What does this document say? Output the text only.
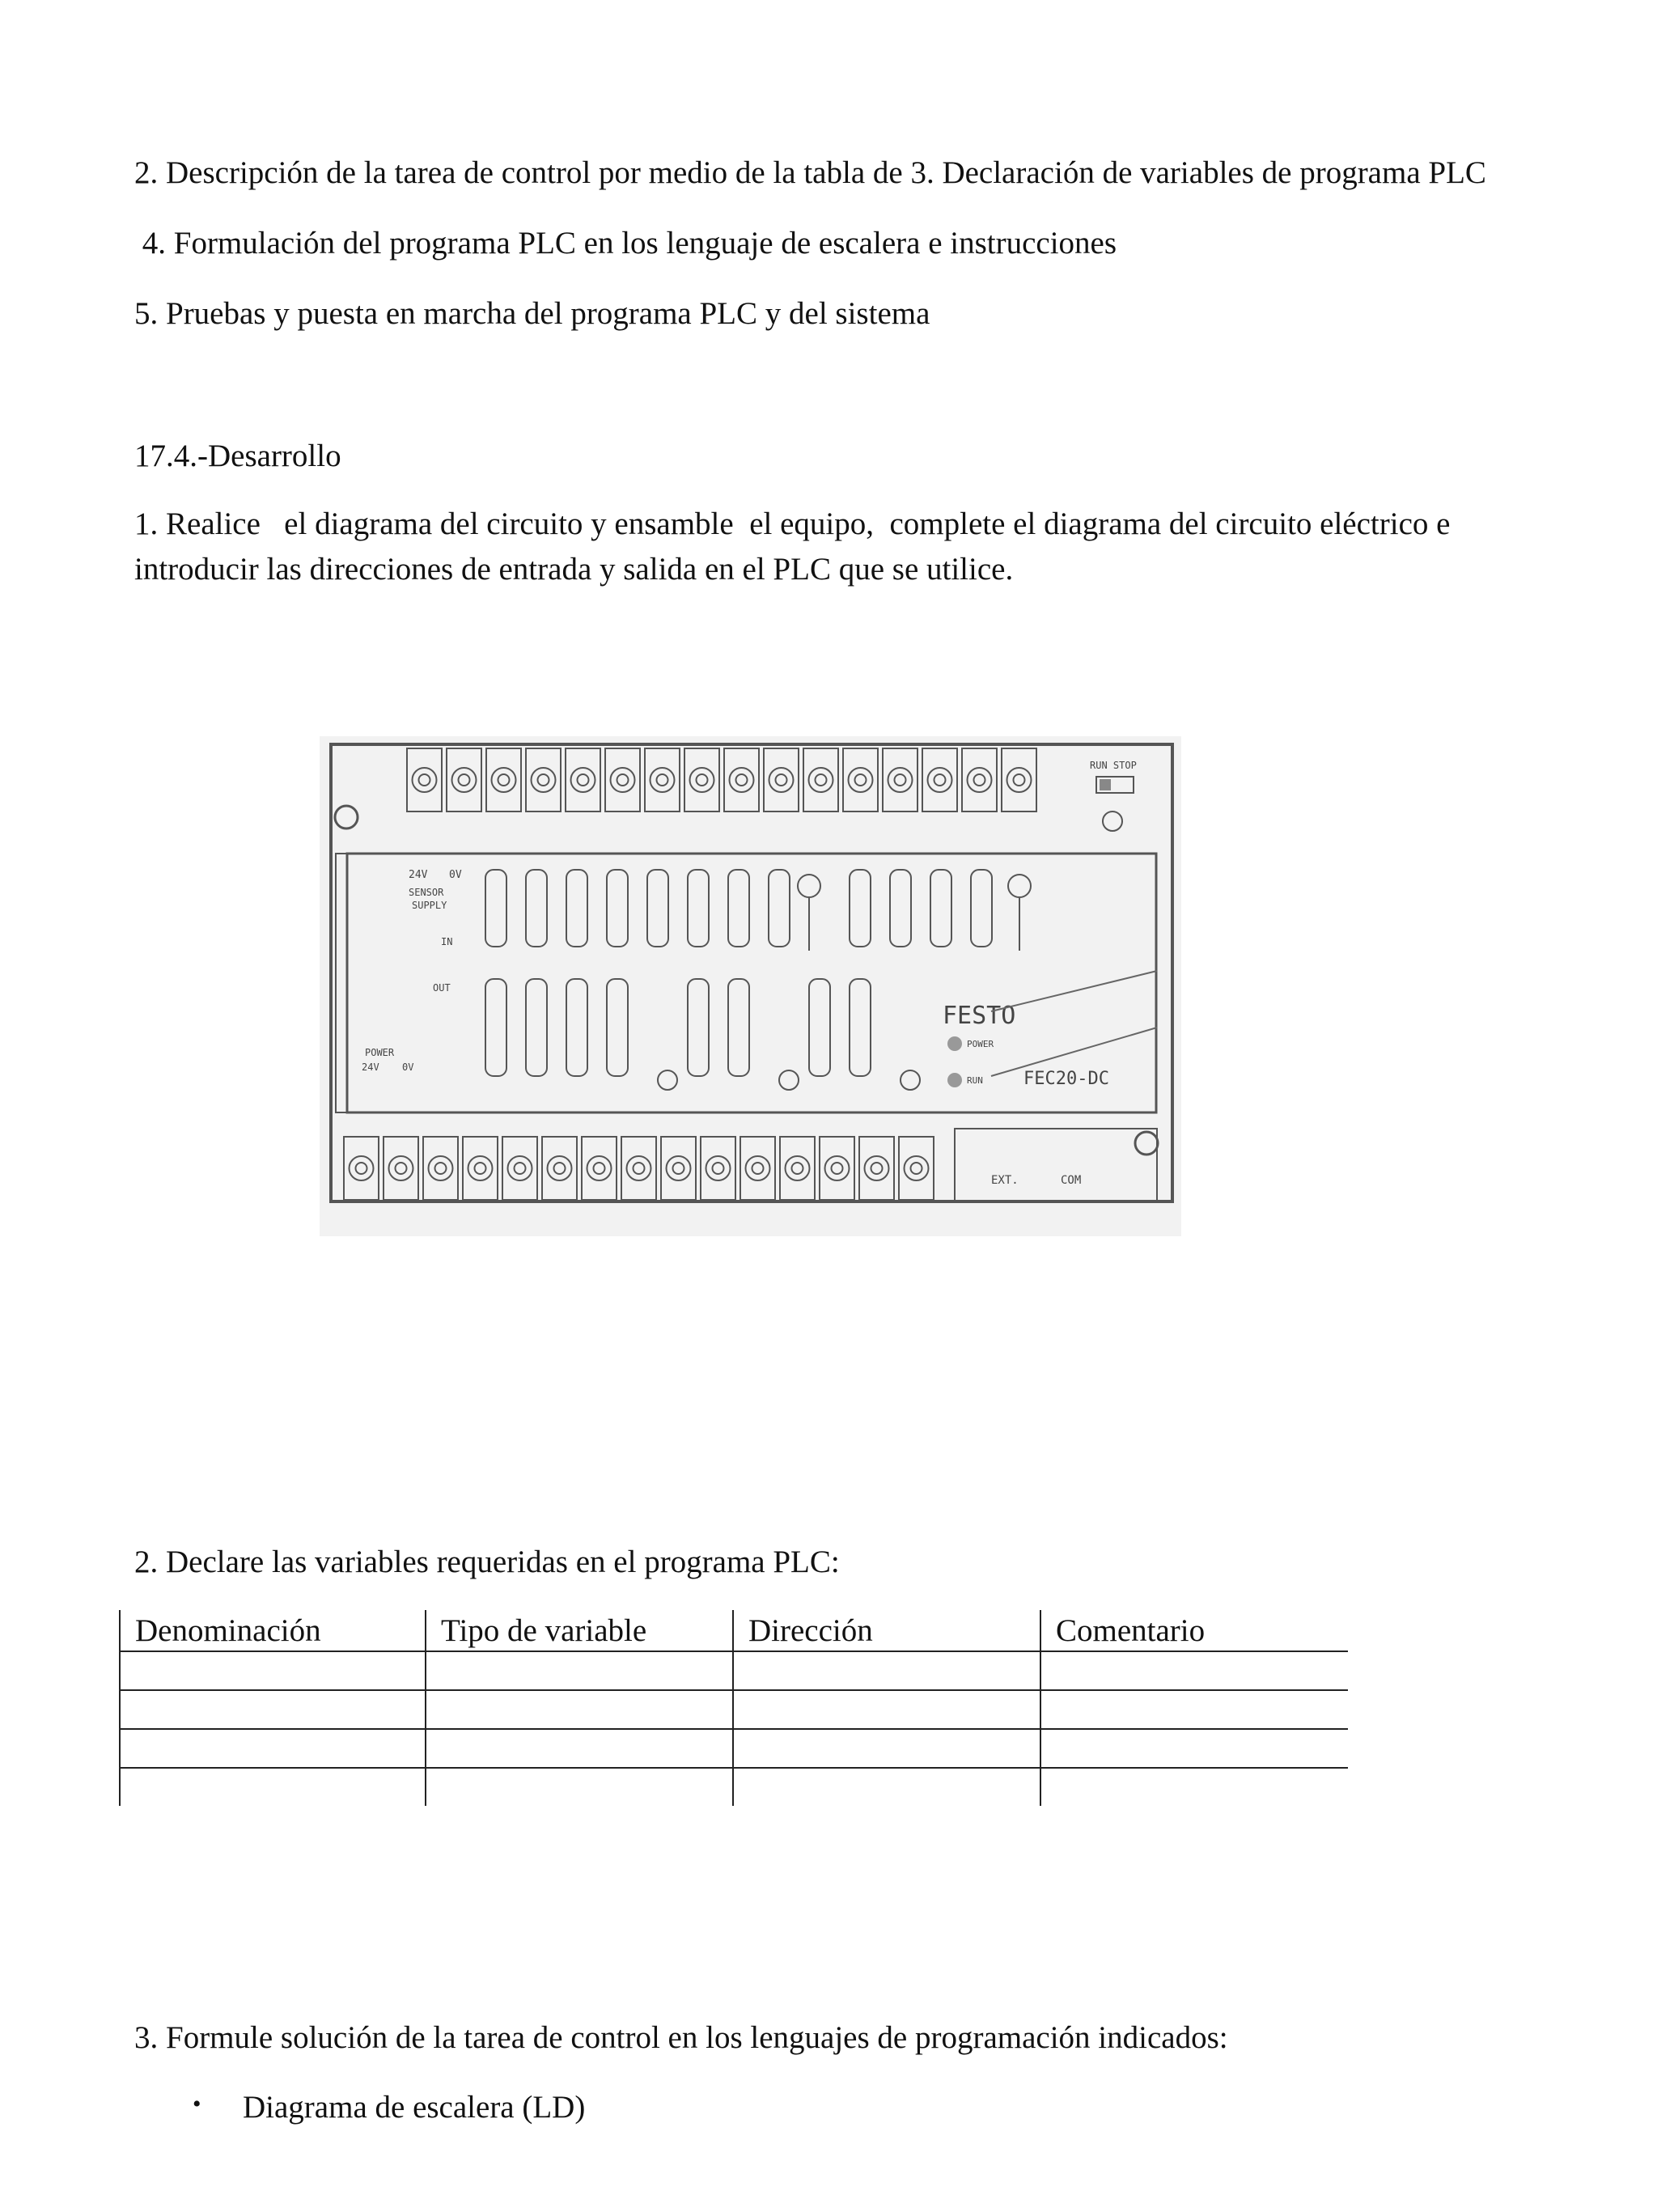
2. Descripción de la tarea de control por medio de la tabla de 3. Declaración de variables de programa PLC
4. Formulación del programa PLC en los lenguaje de escalera e instrucciones
5. Pruebas y puesta en marcha del programa PLC y del sistema
17.4.-Desarrollo
1. Realice   el diagrama del circuito y ensamble  el equipo,  complete el diagrama del circuito eléctrico e introducir las direcciones de entrada y salida en el PLC que se utilice.
RUN STOP
24V 0V
SENSOR
SUPPLY
IN
OUT
POWER
24V 0V
FESTO
POWER
RUN FEC20-DC
EXT.	COM
2. Declare las variables requeridas en el programa PLC:
Denominación	Tipo de variable	Dirección	Comentario

3. Formule solución de la tarea de control en los lenguajes de programación indicados:
• Diagrama de escalera (LD)
